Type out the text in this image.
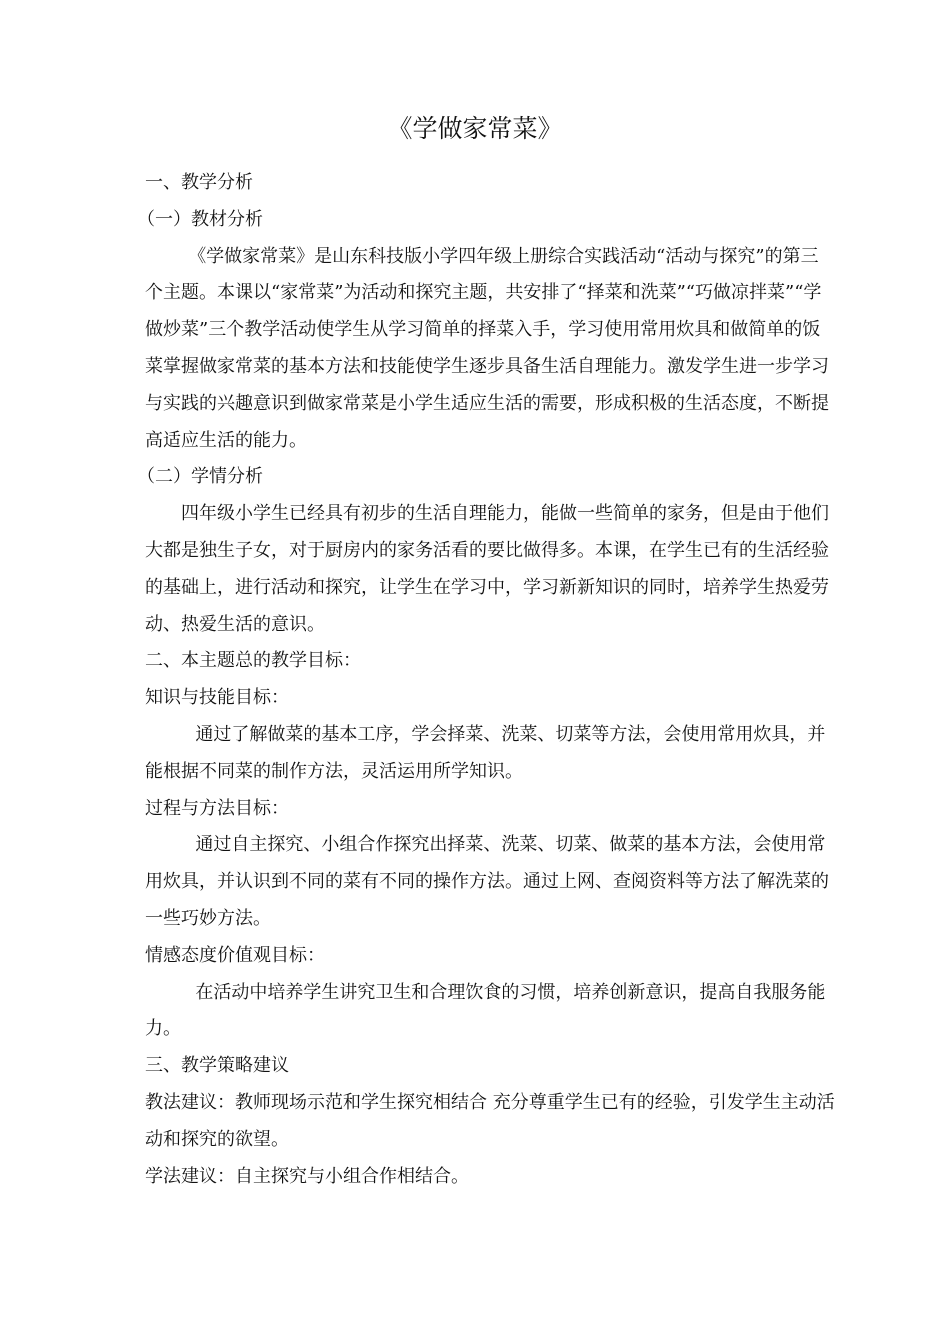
《学做家常菜》

一、教学分析

（一）教材分析

《学做家常菜》是山东科技版小学四年级上册综合实践活动“活动与探究”的第三个主题。本课以“家常菜”为活动和探究主题，共安排了“择菜和洗菜”“巧做凉拌菜”“学做炒菜”三个教学活动使学生从学习简单的择菜入手，学习使用常用炊具和做简单的饭菜掌握做家常菜的基本方法和技能使学生逐步具备生活自理能力。激发学生进一步学习与实践的兴趣意识到做家常菜是小学生适应生活的需要，形成积极的生活态度，不断提高适应生活的能力。

（二）学情分析

四年级小学生已经具有初步的生活自理能力，能做一些简单的家务，但是由于他们大都是独生子女，对于厨房内的家务活看的要比做得多。本课，在学生已有的生活经验的基础上，进行活动和探究，让学生在学习中，学习新新知识的同时，培养学生热爱劳动、热爱生活的意识。

二、本主题总的教学目标：

知识与技能目标：

通过了解做菜的基本工序，学会择菜、洗菜、切菜等方法，会使用常用炊具，并能根据不同菜的制作方法，灵活运用所学知识。

过程与方法目标：

通过自主探究、小组合作探究出择菜、洗菜、切菜、做菜的基本方法，会使用常用炊具，并认识到不同的菜有不同的操作方法。通过上网、查阅资料等方法了解洗菜的一些巧妙方法。

情感态度价值观目标：

在活动中培养学生讲究卫生和合理饮食的习惯，培养创新意识，提高自我服务能力。

三、教学策略建议

教法建议：教师现场示范和学生探究相结合 充分尊重学生已有的经验，引发学生主动活动和探究的欲望。

学法建议：自主探究与小组合作相结合。
